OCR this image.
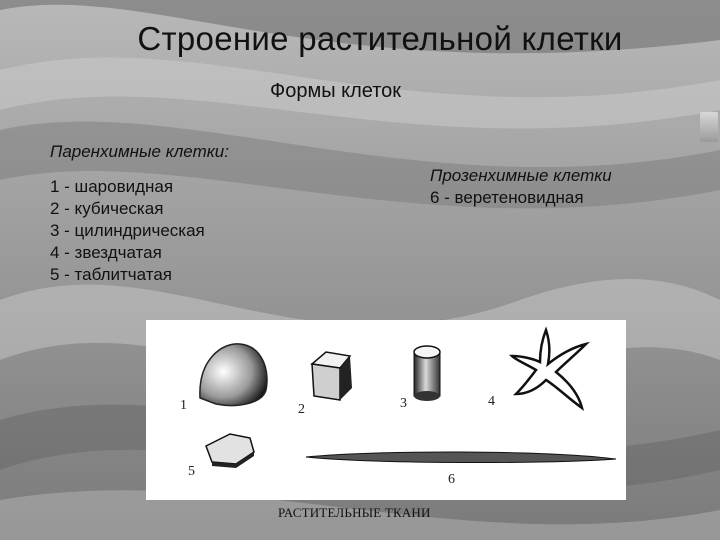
Строение растительной клетки
Формы клеток
Паренхимные клетки:
1 - шаровидная
2 - кубическая
3 - цилиндрическая
4 - звездчатая
5 - таблитчатая
Прозенхимные клетки
6 - веретеновидная
1	2	3	4
5
6
РАСТИТЕЛЬНЫЕ ТКАНИ
